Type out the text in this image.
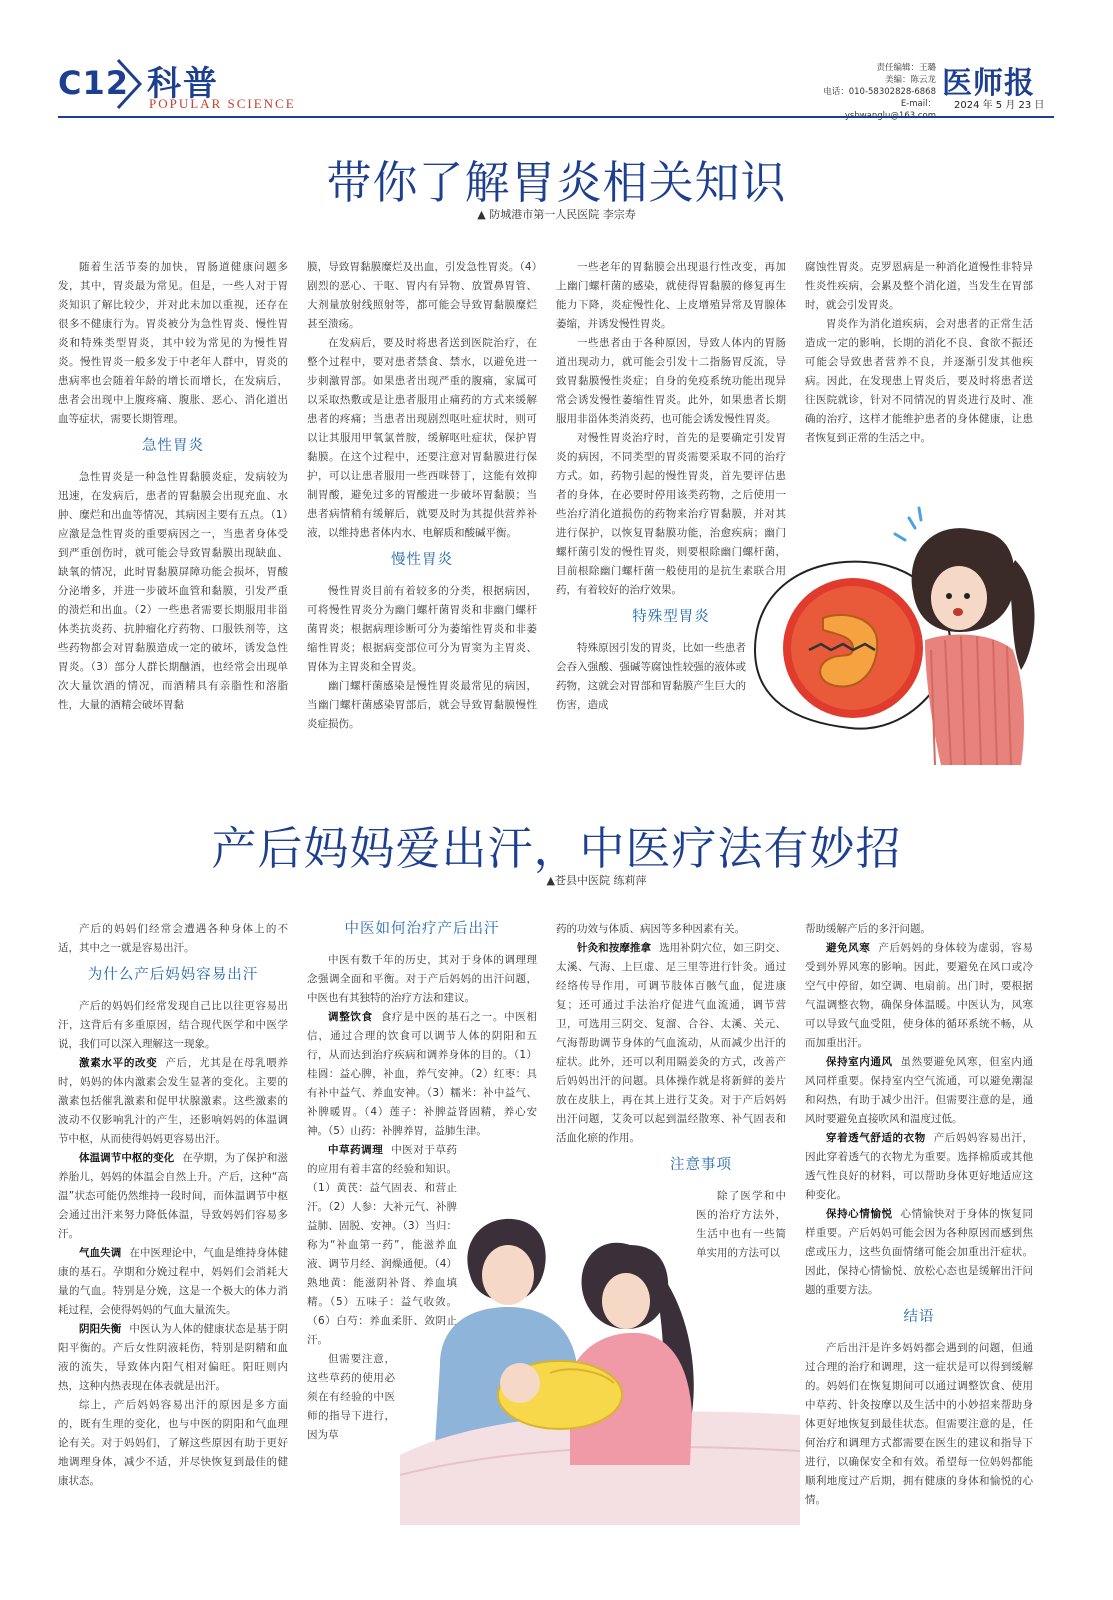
C12 科普
POPULAR SCIENCE
责任编辑：王璐
美编：陈云龙
电话：010-58302828-6868
E-mail：
医师报
2024 年 5 月 23 日
带你了解胃炎相关知识
▲ 防城港市第一人民医院 李宗寿

随着生活节奏的加快，胃肠道健康问题多发，其中，胃炎最为常见。但是，一些人对于胃炎知识了解比较少，并对此未加以重视，还存在很多不健康行为。胃炎被分为急性胃炎、慢性胃炎和特殊类型胃炎，其中较为常见的为慢性胃炎。慢性胃炎一般多发于中老年人群中，胃炎的患病率也会随着年龄的增长而增长，在发病后，患者会出现中上腹疼痛、腹胀、恶心、消化道出血等症状，需要长期管理。

急性胃炎

急性胃炎是一种急性胃黏膜炎症，发病较为迅速，在发病后，患者的胃黏膜会出现充血、水肿、糜烂和出血等情况，其病因主要有五点。（1）应激是急性胃炎的重要病因之一，当患者身体受到严重创伤时，就可能会导致胃黏膜出现缺血、缺氧的情况，此时胃黏膜屏障功能会损坏，胃酸分泌增多，并进一步破坏血管和黏膜，引发严重的溃烂和出血。（2）一些患者需要长期服用非甾体类抗炎药、抗肿瘤化疗药物、口服铁剂等，这些药物都会对胃黏膜造成一定的破坏，诱发急性胃炎。（3）部分人群长期酗酒，也经常会出现单次大量饮酒的情况，而酒精具有亲脂性和溶脂性，大量的酒精会破坏胃黏

膜，导致胃黏膜糜烂及出血，引发急性胃炎。（4）剧烈的恶心、干呕、胃内有异物、放置鼻胃管、大剂量放射线照射等，都可能会导致胃黏膜糜烂甚至溃疡。

在发病后，要及时将患者送到医院治疗，在整个过程中，要对患者禁食、禁水，以避免进一步刺激胃部。如果患者出现严重的腹痛，家属可以采取热敷或是让患者服用止痛药的方式来缓解患者的疼痛；当患者出现剧烈呕吐症状时，则可以让其服用甲氧氯普胺，缓解呕吐症状，保护胃黏膜。在这个过程中，还要注意对胃黏膜进行保护，可以让患者服用一些西咪替丁，这能有效抑制胃酸，避免过多的胃酸进一步破坏胃黏膜；当患者病情稍有缓解后，就要及时为其提供营养补液，以维持患者体内水、电解质和酸碱平衡。

慢性胃炎

慢性胃炎目前有着较多的分类，根据病因，可将慢性胃炎分为幽门螺杆菌胃炎和非幽门螺杆菌胃炎；根据病理诊断可分为萎缩性胃炎和非萎缩性胃炎；根据病变部位可分为胃窦为主胃炎、胃体为主胃炎和全胃炎。

幽门螺杆菌感染是慢性胃炎最常见的病因，当幽门螺杆菌感染胃部后，就会导致胃黏膜慢性炎症损伤。

一些老年的胃黏膜会出现退行性改变，再加上幽门螺杆菌的感染，就使得胃黏膜的修复再生能力下降，炎症慢性化、上皮增殖异常及胃腺体萎缩，并诱发慢性胃炎。

一些患者由于各种原因，导致人体内的胃肠道出现动力，就可能会引发十二指肠胃反流，导致胃黏膜慢性炎症；自身的免疫系统功能出现异常会诱发慢性萎缩性胃炎。此外，如果患者长期服用非甾体类消炎药，也可能会诱发慢性胃炎。

对慢性胃炎治疗时，首先的是要确定引发胃炎的病因，不同类型的胃炎需要采取不同的治疗方式。如，药物引起的慢性胃炎，首先要评估患者的身体，在必要时停用该类药物，之后使用一些治疗消化道损伤的药物来治疗胃黏膜，并对其进行保护，以恢复胃黏膜功能，治愈疾病；幽门螺杆菌引发的慢性胃炎，则要根除幽门螺杆菌，目前根除幽门螺杆菌一般使用的是抗生素联合用药，有着较好的治疗效果。

特殊型胃炎

特殊原因引发的胃炎，比如一些患者会吞入强酸、强碱等腐蚀性较强的液体或药物，这就会对胃部和胃黏膜产生巨大的伤害，造成

腐蚀性胃炎。克罗恩病是一种消化道慢性非特异性炎性疾病，会累及整个消化道，当发生在胃部时，就会引发胃炎。

胃炎作为消化道疾病，会对患者的正常生活造成一定的影响，长期的消化不良、食欲不振还可能会导致患者营养不良，并逐渐引发其他疾病。因此，在发现患上胃炎后，要及时将患者送往医院就诊，针对不同情况的胃炎进行及时、准确的治疗，这样才能维护患者的身体健康，让患者恢复到正常的生活之中。

产后妈妈爱出汗，中医疗法有妙招
▲苍县中医院 练莉萍

产后的妈妈们经常会遭遇各种身体上的不适，其中之一就是容易出汗。

为什么产后妈妈容易出汗

产后的妈妈们经常发现自己比以往更容易出汗，这背后有多重原因，结合现代医学和中医学说，我们可以深入理解这一现象。

激素水平的改变 产后，尤其是在母乳喂养时，妈妈的体内激素会发生显著的变化。主要的激素包括催乳激素和促甲状腺激素。这些激素的波动不仅影响乳汁的产生，还影响妈妈的体温调节中枢，从而使得妈妈更容易出汗。

体温调节中枢的变化 在孕期，为了保护和滋养胎儿，妈妈的体温会自然上升。产后，这种“高温”状态可能仍然维持一段时间，而体温调节中枢会通过出汗来努力降低体温，导致妈妈们容易多汗。

气血失调 在中医理论中，气血是维持身体健康的基石。孕期和分娩过程中，妈妈们会消耗大量的气血。特别是分娩，这是一个极大的体力消耗过程，会使得妈妈的气血大量流失。

阴阳失衡 中医认为人体的健康状态是基于阴阳平衡的。产后女性阴液耗伤，特别是阴精和血液的流失，导致体内阳气相对偏旺。阳旺则内热，这种内热表现在体表就是出汗。

综上，产后妈妈容易出汗的原因是多方面的，既有生理的变化，也与中医的阴阳和气血理论有关。对于妈妈们，了解这些原因有助于更好地调理身体，减少不适，并尽快恢复到最佳的健康状态。

中医如何治疗产后出汗

中医有数千年的历史，其对于身体的调理理念强调全面和平衡。对于产后妈妈的出汗问题，中医也有其独特的治疗方法和建议。

调整饮食 食疗是中医的基石之一。中医相信，通过合理的饮食可以调节人体的阴阳和五行，从而达到治疗疾病和调养身体的目的。（1）桂圆：益心脾，补血，养气安神。（2）红枣：具有补中益气、养血安神。（3）糯米：补中益气、补脾暖胃。（4）莲子：补脾益肾固精，养心安神。（5）山药：补脾养胃，益肺生津。

中草药调理 中医对于草药的应用有着丰富的经验和知识。（1）黄芪：益气固表、和营止汗。（2）人参：大补元气、补脾益肺、固脱、安神。（3）当归：称为“补血第一药”，能滋养血液、调节月经、润燥通便。（4）熟地黄：能滋阴补肾、养血填精。（5）五味子：益气收敛。（6）白芍：养血柔肝、敛阴止汗。

但需要注意，这些草药的使用必须在有经验的中医师的指导下进行，因为草

药的功效与体质、病因等多种因素有关。

针灸和按摩推拿 选用补阴穴位，如三阴交、太溪、气海、上巨虚、足三里等进行针灸。通过经络传导作用，可调节肢体百骸气血，促进康复；还可通过手法治疗促进气血流通，调节营卫，可选用三阴交、复溜、合谷、太溪、关元、气海帮助调节身体的气血流动，从而减少出汗的症状。此外，还可以利用隔姜灸的方式，改善产后妈妈出汗的问题。具体操作就是将新鲜的姜片放在皮肤上，再在其上进行艾灸。对于产后妈妈出汗问题，艾灸可以起到温经散寒、补气固表和活血化瘀的作用。

注意事项

除了医学和中医的治疗方法外，生活中也有一些简单实用的方法可以

帮助缓解产后的多汗问题。

避免风寒 产后妈妈的身体较为虚弱，容易受到外界风寒的影响。因此，要避免在风口或冷空气中停留，如空调、电扇前。出门时，要根据气温调整衣物，确保身体温暖。中医认为，风寒可以导致气血受阻，使身体的循环系统不畅，从而加重出汗。

保持室内通风 虽然要避免风寒，但室内通风同样重要。保持室内空气流通，可以避免潮湿和闷热，有助于减少出汗。但需要注意的是，通风时要避免直接吹风和温度过低。

穿着透气舒适的衣物 产后妈妈容易出汗，因此穿着透气的衣物尤为重要。选择棉质或其他透气性良好的材料，可以帮助身体更好地适应这种变化。

保持心情愉悦 心情愉快对于身体的恢复同样重要。产后妈妈可能会因为各种原因而感到焦虑或压力，这些负面情绪可能会加重出汗症状。因此，保持心情愉悦、放松心态也是缓解出汗问题的重要方法。

结语

产后出汗是许多妈妈都会遇到的问题，但通过合理的治疗和调理，这一症状是可以得到缓解的。妈妈们在恢复期间可以通过调整饮食、使用中草药、针灸按摩以及生活中的小妙招来帮助身体更好地恢复到最佳状态。但需要注意的是，任何治疗和调理方式都需要在医生的建议和指导下进行，以确保安全和有效。希望每一位妈妈都能顺利地度过产后期，拥有健康的身体和愉悦的心情。
